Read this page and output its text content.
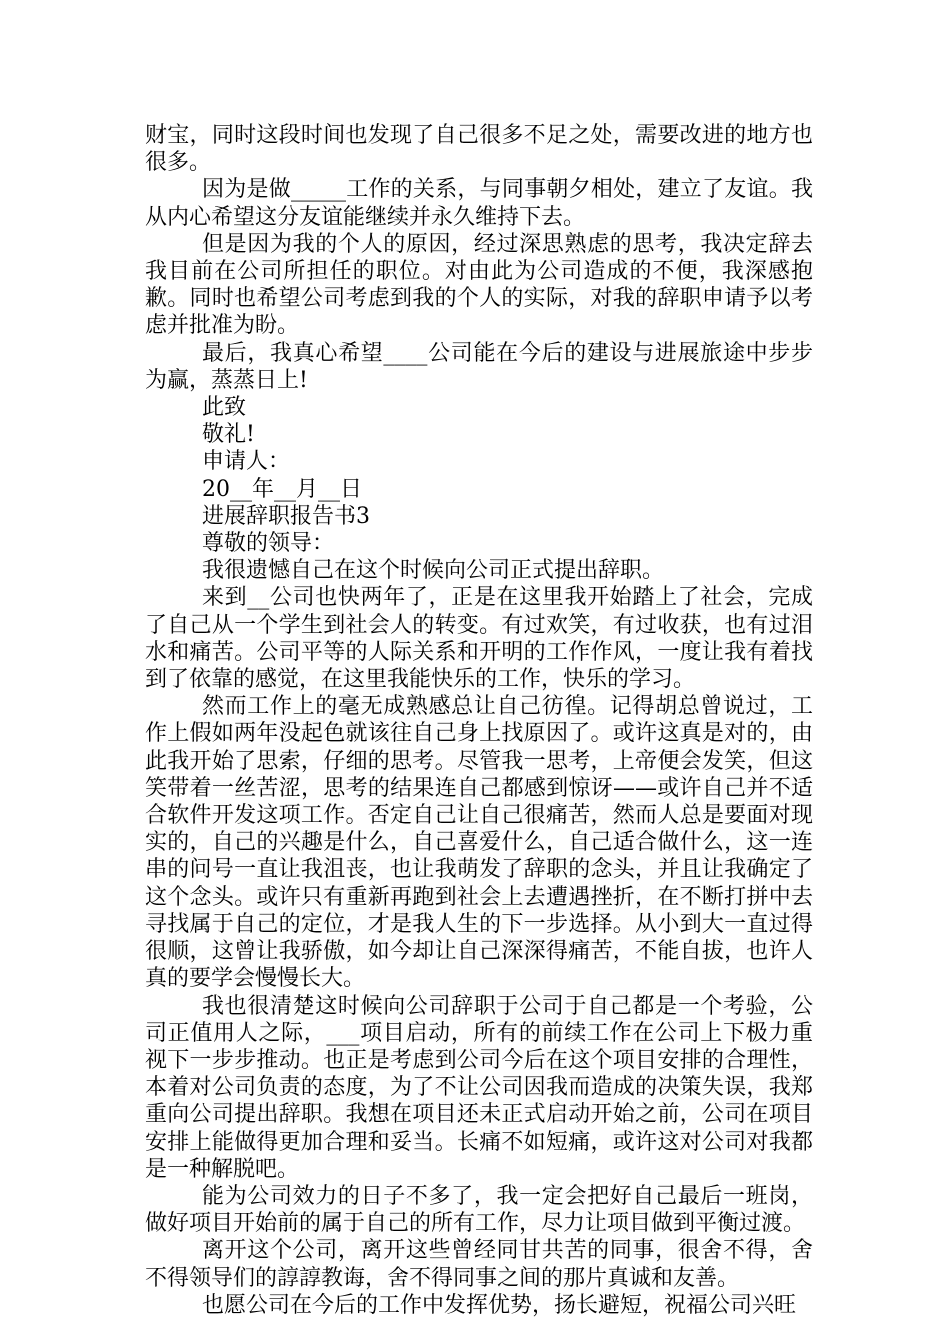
财宝，同时这段时间也发现了自己很多不足之处，需要改进的地方也很多。

因为是做_____工作的关系，与同事朝夕相处，建立了友谊。我从内心希望这分友谊能继续并永久维持下去。

但是因为我的个人的原因，经过深思熟虑的思考，我决定辞去我目前在公司所担任的职位。对由此为公司造成的不便，我深感抱歉。同时也希望公司考虑到我的个人的实际，对我的辞职申请予以考虑并批准为盼。

最后，我真心希望____公司能在今后的建设与进展旅途中步步为赢，蒸蒸日上!

此致

敬礼!

申请人：

20__年__月__日

进展辞职报告书3

尊敬的领导：

我很遗憾自己在这个时候向公司正式提出辞职。

来到__公司也快两年了，正是在这里我开始踏上了社会，完成了自己从一个学生到社会人的转变。有过欢笑，有过收获，也有过泪水和痛苦。公司平等的人际关系和开明的工作作风，一度让我有着找到了依靠的感觉，在这里我能快乐的工作，快乐的学习。

然而工作上的毫无成熟感总让自己彷徨。记得胡总曾说过，工作上假如两年没起色就该往自己身上找原因了。或许这真是对的，由此我开始了思索，仔细的思考。尽管我一思考，上帝便会发笑，但这笑带着一丝苦涩，思考的结果连自己都感到惊讶——或许自己并不适合软件开发这项工作。否定自己让自己很痛苦，然而人总是要面对现实的，自己的兴趣是什么，自己喜爱什么，自己适合做什么，这一连串的问号一直让我沮丧，也让我萌发了辞职的念头，并且让我确定了这个念头。或许只有重新再跑到社会上去遭遇挫折，在不断打拼中去寻找属于自己的定位，才是我人生的下一步选择。从小到大一直过得很顺，这曾让我骄傲，如今却让自己深深得痛苦，不能自拔，也许人真的要学会慢慢长大。

我也很清楚这时候向公司辞职于公司于自己都是一个考验，公司正值用人之际，___项目启动，所有的前续工作在公司上下极力重视下一步步推动。也正是考虑到公司今后在这个项目安排的合理性，本着对公司负责的态度，为了不让公司因我而造成的决策失误，我郑重向公司提出辞职。我想在项目还未正式启动开始之前，公司在项目安排上能做得更加合理和妥当。长痛不如短痛，或许这对公司对我都是一种解脱吧。

能为公司效力的日子不多了，我一定会把好自己最后一班岗，做好项目开始前的属于自己的所有工作，尽力让项目做到平衡过渡。

离开这个公司，离开这些曾经同甘共苦的同事，很舍不得，舍不得领导们的諄諄教诲，舍不得同事之间的那片真诚和友善。

也愿公司在今后的工作中发挥优势，扬长避短，祝福公司兴旺
